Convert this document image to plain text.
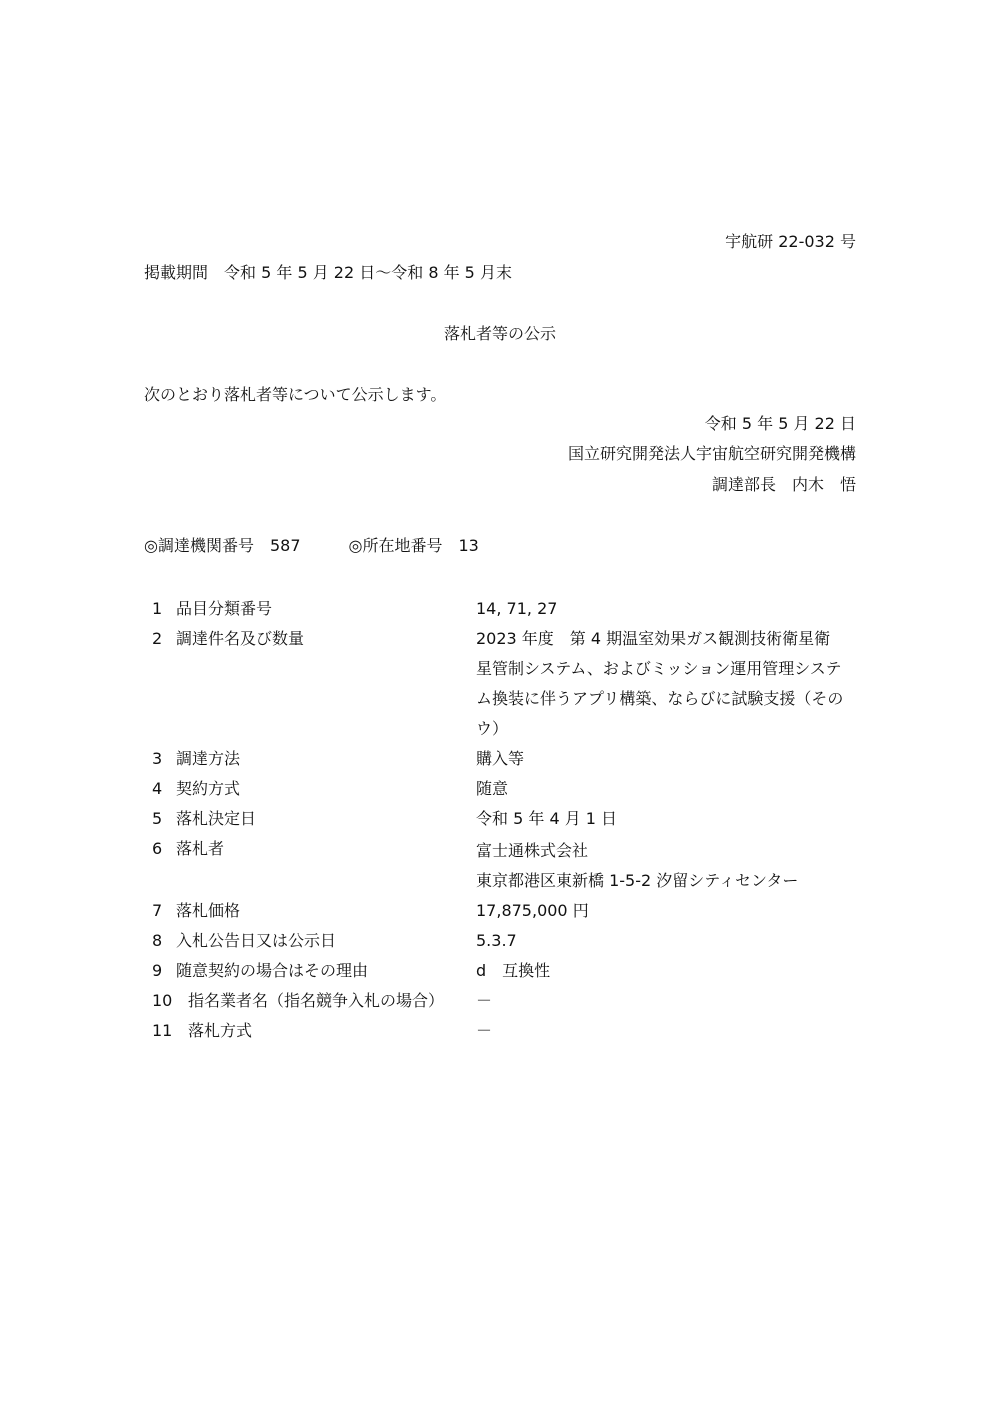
宇航研 22-032 号
掲載期間　令和 5 年 5 月 22 日～令和 8 年 5 月末
落札者等の公示
次のとおり落札者等について公示します。
令和 5 年 5 月 22 日
国立研究開発法人宇宙航空研究開発機構
調達部長　内木　悟
◎調達機関番号　587　　　◎所在地番号　13
1 品目分類番号	14, 71, 27
2 調達件名及び数量	2023 年度　第 4 期温室効果ガス観測技術衛星衛
星管制システム、およびミッション運用管理システ
ム換装に伴うアプリ構築、ならびに試験支援（その
ウ）
3 調達方法	購入等
4 契約方式	随意
5 落札決定日	令和 5 年 4 月 1 日
6 落札者	富士通株式会社
東京都港区東新橋 1-5-2 汐留シティセンター
7 落札価格	17,875,000 円
8 入札公告日又は公示日	5.3.7
9 随意契約の場合はその理由	d　互換性
10 指名業者名（指名競争入札の場合） －
11 落札方式	－
